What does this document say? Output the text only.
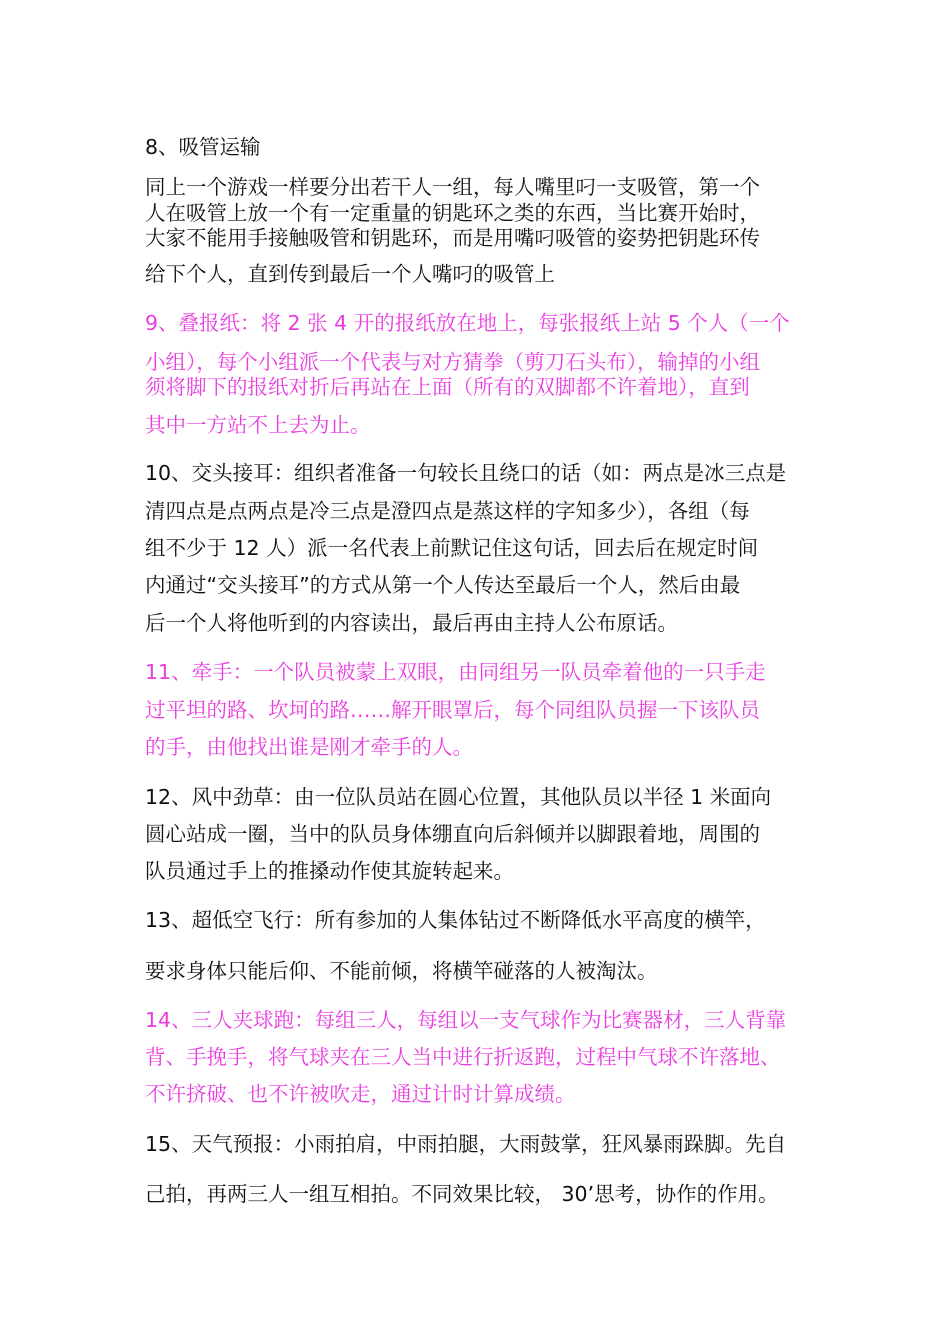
8、吸管运输
同上一个游戏一样要分出若干人一组，每人嘴里叼一支吸管，第一个
人在吸管上放一个有一定重量的钥匙环之类的东西，当比赛开始时，
大家不能用手接触吸管和钥匙环，而是用嘴叼吸管的姿势把钥匙环传
给下个人，直到传到最后一个人嘴叼的吸管上
9、叠报纸：将 2 张 4 开的报纸放在地上，每张报纸上站 5 个人（一个
小组），每个小组派一个代表与对方猜拳（剪刀石头布），输掉的小组
须将脚下的报纸对折后再站在上面（所有的双脚都不许着地），直到
其中一方站不上去为止。
10、交头接耳：组织者准备一句较长且绕口的话（如：两点是冰三点是
清四点是点两点是冷三点是澄四点是蒸这样的字知多少），各组（每
组不少于 12 人）派一名代表上前默记住这句话，回去后在规定时间
内通过“交头接耳”的方式从第一个人传达至最后一个人，然后由最
后一个人将他听到的内容读出，最后再由主持人公布原话。
11、牵手：一个队员被蒙上双眼，由同组另一队员牵着他的一只手走
过平坦的路、坎坷的路……解开眼罩后，每个同组队员握一下该队员
的手，由他找出谁是刚才牵手的人。
12、风中劲草：由一位队员站在圆心位置，其他队员以半径 1 米面向
圆心站成一圈，当中的队员身体绷直向后斜倾并以脚跟着地，周围的
队员通过手上的推搡动作使其旋转起来。
13、超低空飞行：所有参加的人集体钻过不断降低水平高度的横竿，
要求身体只能后仰、不能前倾，将横竿碰落的人被淘汰。
14、三人夹球跑：每组三人，每组以一支气球作为比赛器材，三人背靠
背、手挽手，将气球夹在三人当中进行折返跑，过程中气球不许落地、
不许挤破、也不许被吹走，通过计时计算成绩。
15、天气预报：小雨拍肩，中雨拍腿，大雨鼓掌，狂风暴雨跺脚。先自
己拍，再两三人一组互相拍。不同效果比较， 30’思考，协作的作用。
